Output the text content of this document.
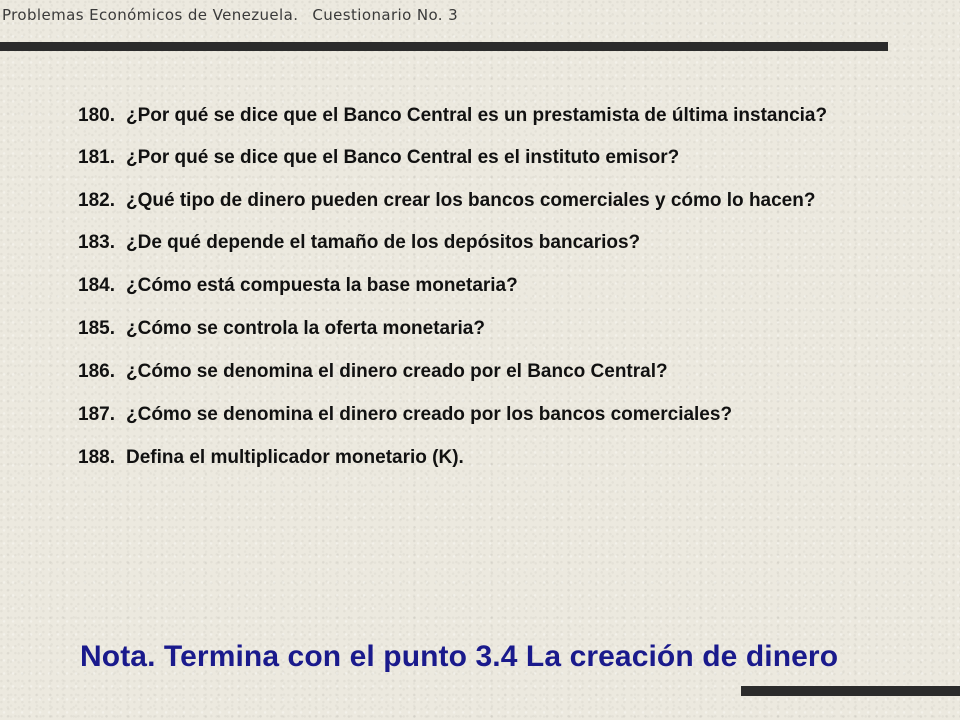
Problemas Económicos de Venezuela. Cuestionario No. 3
180. ¿Por qué se dice que el Banco Central es un prestamista de última instancia?
181. ¿Por qué se dice que el Banco Central es el instituto emisor?
182. ¿Qué tipo de dinero pueden crear los bancos comerciales y cómo lo hacen?
183. ¿De qué depende el tamaño de los depósitos bancarios?
184. ¿Cómo está compuesta la base monetaria?
185. ¿Cómo se controla la oferta monetaria?
186. ¿Cómo se denomina el dinero creado por el Banco Central?
187. ¿Cómo se denomina el dinero creado por los bancos comerciales?
188. Defina el multiplicador monetario (K).
Nota. Termina con el punto 3.4 La creación de dinero
